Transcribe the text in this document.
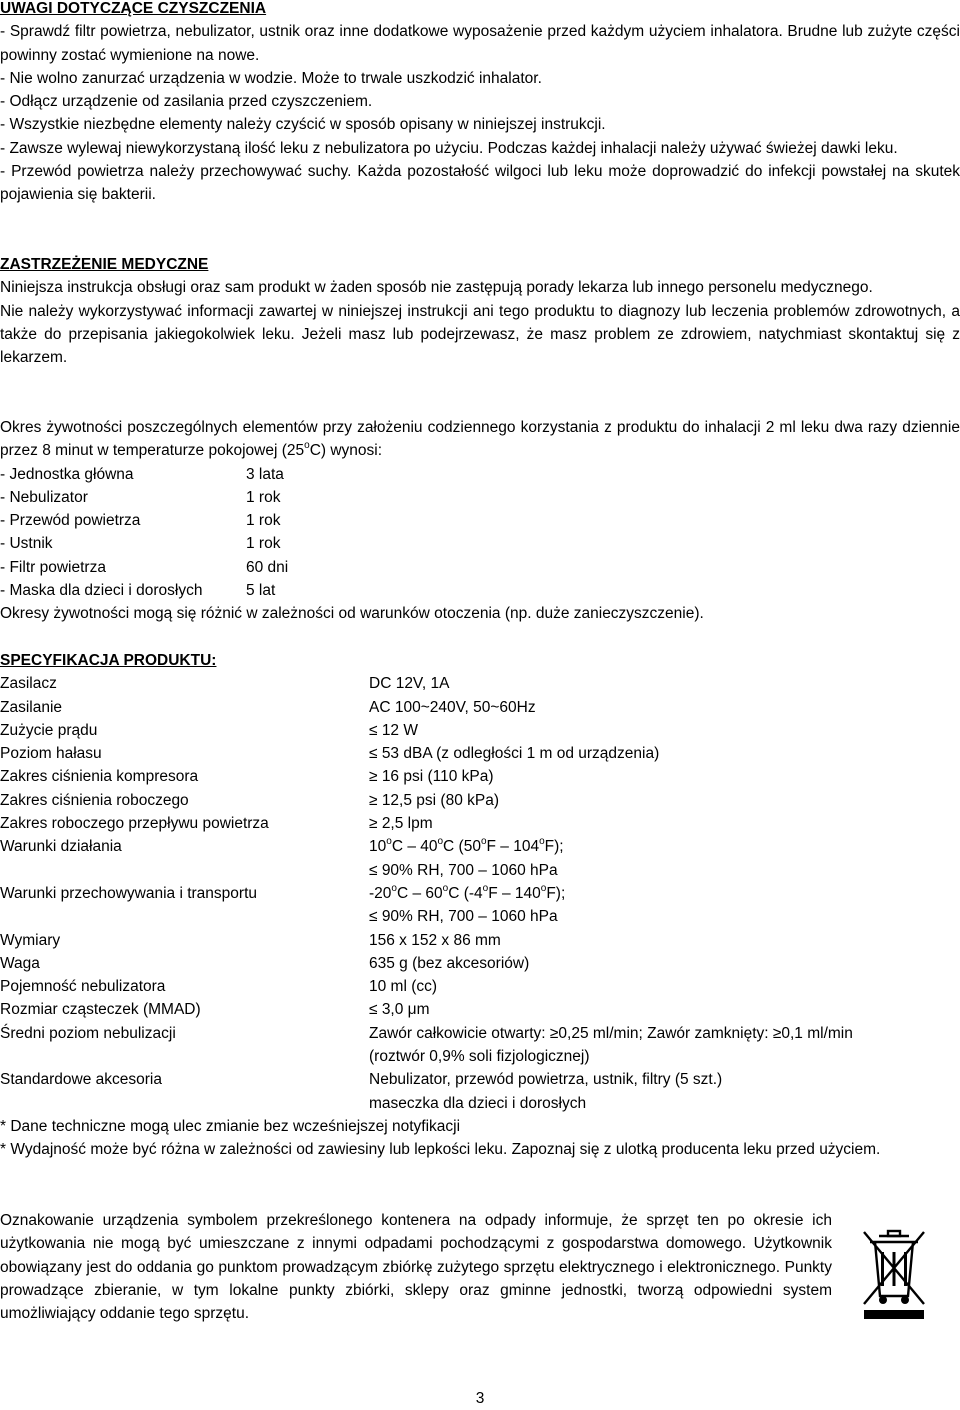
UWAGI DOTYCZĄCE CZYSZCZENIA

- Sprawdź filtr powietrza, nebulizator, ustnik oraz inne dodatkowe wyposażenie przed każdym użyciem inhalatora. Brudne lub zużyte części powinny zostać wymienione na nowe.

- Nie wolno zanurzać urządzenia w wodzie. Może to trwale uszkodzić inhalator.

- Odłącz urządzenie od zasilania przed czyszczeniem.

- Wszystkie niezbędne elementy należy czyścić w sposób opisany w niniejszej instrukcji.

- Zawsze wylewaj niewykorzystaną ilość leku z nebulizatora po użyciu. Podczas każdej inhalacji należy używać świeżej dawki leku.

- Przewód powietrza należy przechowywać suchy. Każda pozostałość wilgoci lub leku może doprowadzić do infekcji powstałej na skutek pojawienia się bakterii.

ZASTRZEŻENIE MEDYCZNE

Niniejsza instrukcja obsługi oraz sam produkt w żaden sposób nie zastępują porady lekarza lub innego personelu medycznego.

Nie należy wykorzystywać informacji zawartej w niniejszej instrukcji ani tego produktu to diagnozy lub leczenia problemów zdrowotnych, a także do przepisania jakiegokolwiek leku. Jeżeli masz lub podejrzewasz, że masz problem ze zdrowiem, natychmiast skontaktuj się z lekarzem.

Okres żywotności poszczególnych elementów przy założeniu codziennego korzystania z produktu do inhalacji 2 ml leku dwa razy dziennie przez 8 minut w temperaturze pokojowej (25$^o$C) wynosi:

- Jednostka główna	3 lata
- Nebulizator	1 rok
- Przewód powietrza	1 rok
- Ustnik	1 rok
- Filtr powietrza	60 dni
- Maska dla dzieci i dorosłych	5 lat

Okresy żywotności mogą się różnić w zależności od warunków otoczenia (np. duże zanieczyszczenie).

SPECYFIKACJA PRODUKTU:

Zasilacz	DC 12V, 1A
Zasilanie	AC 100~240V, 50~60Hz
Zużycie prądu	≤ 12 W
Poziom hałasu	≤ 53 dBA (z odległości 1 m od urządzenia)
Zakres ciśnienia kompresora	≥ 16 psi (110 kPa)
Zakres ciśnienia roboczego	≥ 12,5 psi (80 kPa)
Zakres roboczego przepływu powietrza	≥ 2,5 lpm
Warunki działania	10$^o$C – 40$^o$C $(50^oF - 104^oF)$;
≤ 90% RH, 700 – 1060 hPa
Warunki przechowywania i transportu	-20$^o$C – 60$^o$C $(-4^oF - 140^oF)$;
≤ 90% RH, 700 – 1060 hPa
Wymiary	156 x 152 x 86 mm
Waga	635 g (bez akcesoriów)
Pojemność nebulizatora	10 ml (cc)
Rozmiar cząsteczek (MMAD)	≤ 3,0 μm
Średni poziom nebulizacji	Zawór całkowicie otwarty: ≥0,25 ml/min; Zawór zamknięty: ≥0,1 ml/min
(roztwór 0,9% soli fizjologicznej)
Standardowe akcesoria	Nebulizator, przewód powietrza, ustnik, filtry (5 szt.)
maseczka dla dzieci i dorosłych

* Dane techniczne mogą ulec zmianie bez wcześniejszej notyfikacji

* Wydajność może być różna w zależności od zawiesiny lub lepkości leku. Zapoznaj się z ulotką producenta leku przed użyciem.

Oznakowanie urządzenia symbolem przekreślonego kontenera na odpady informuje, że sprzęt ten po okresie ich użytkowania nie mogą być umieszczane z innymi odpadami pochodzącymi z gospodarstwa domowego. Użytkownik obowiązany jest do oddania go punktom prowadzącym zbiórkę zużytego sprzętu elektrycznego i elektronicznego. Punkty prowadzące zbieranie, w tym lokalne punkty zbiórki, sklepy oraz gminne jednostki, tworzą odpowiedni system umożliwiający oddanie tego sprzętu.

3
